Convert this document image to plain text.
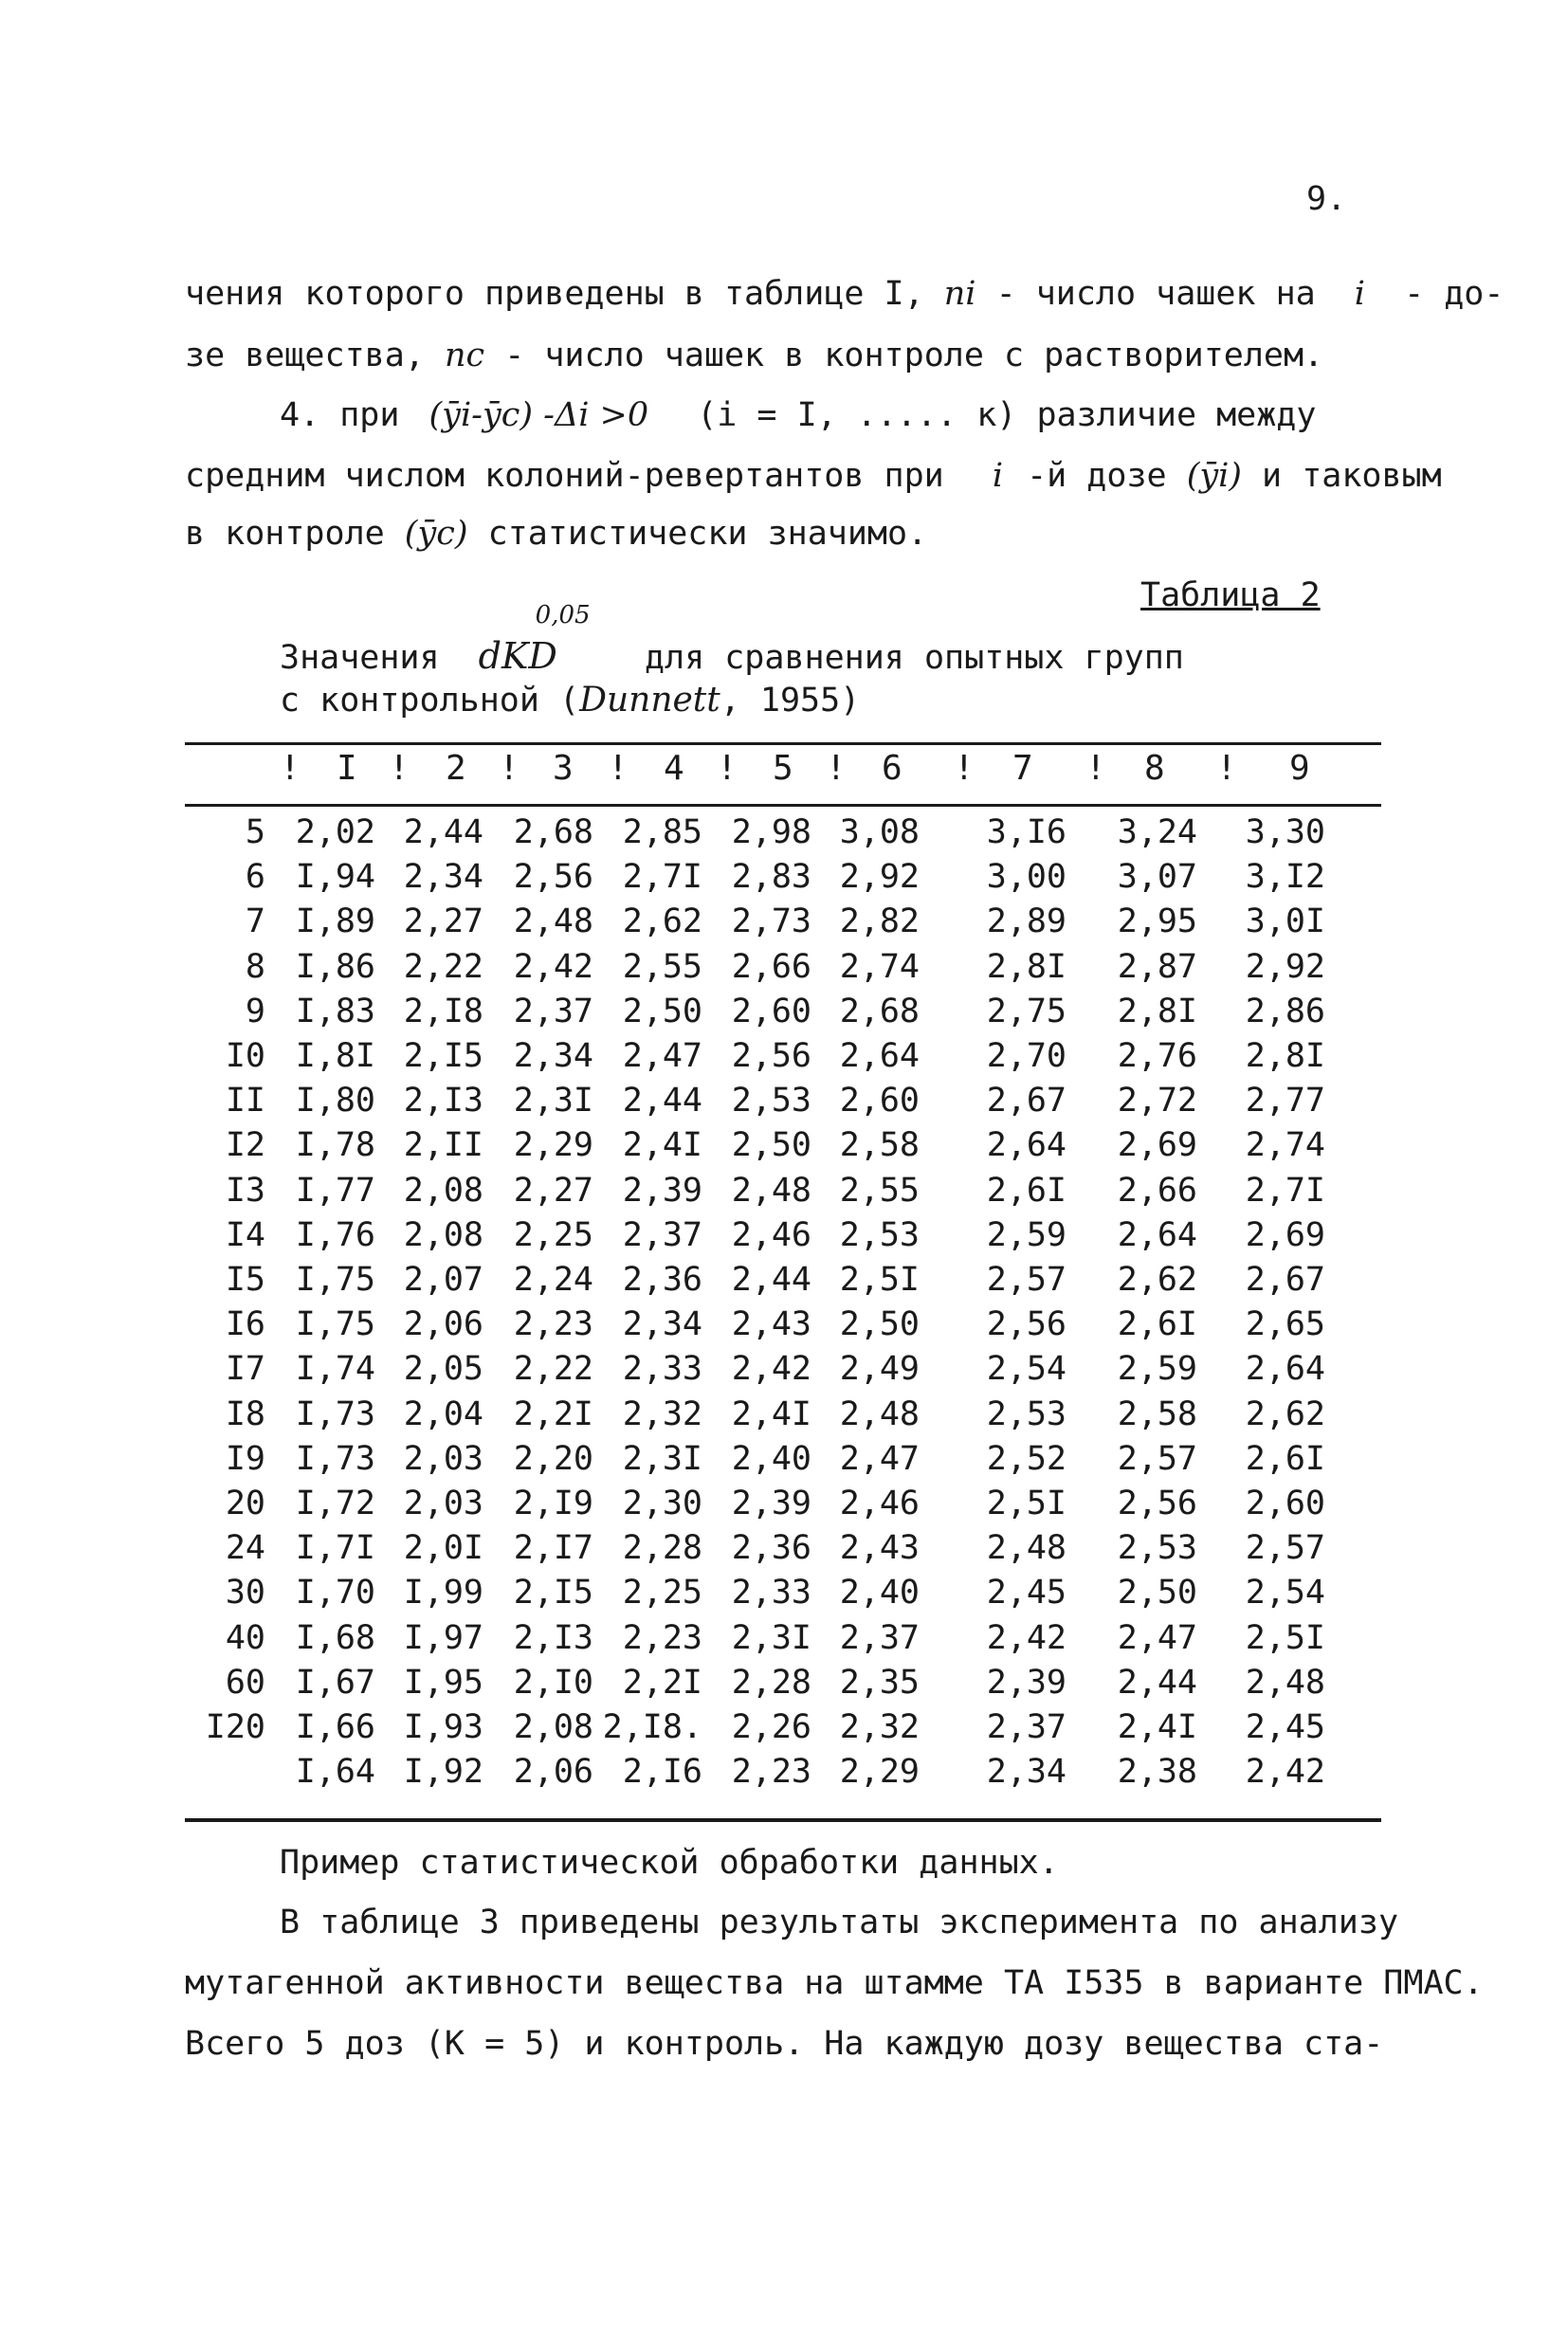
9.
чения которого приведены в таблице I, ni - число чашек на i - до-
зе вещества, nc - число чашек в контроле с растворителем.
4. при (ȳi-ȳc) -Δi >0 (i = I, ..... к) различие между
средним числом колоний-ревертантов при i -й дозе (ȳi) и таковым
в контроле (ȳc) статистически значимо.
Таблица 2
Значения dKD
0,05
для сравнения опытных групп
с контрольной (Dunnett, 1955)
! I ! 2 ! 3 ! 4 ! 5 ! 6 ! 7 ! 8 ! 9
5 2,02 2,44 2,68 2,85 2,98 3,08	3,I6	3,24	3,30
6 I,94 2,34 2,56 2,7I 2,83 2,92	3,00	3,07	3,I2
7 I,89 2,27 2,48 2,62 2,73 2,82	2,89	2,95	3,0I
8 I,86 2,22 2,42 2,55 2,66 2,74	2,8I	2,87	2,92
9 I,83 2,I8 2,37 2,50 2,60 2,68	2,75	2,8I	2,86
I0 I,8I 2,I5 2,34 2,47 2,56 2,64	2,70	2,76	2,8I
II I,80 2,I3 2,3I 2,44 2,53 2,60	2,67	2,72	2,77
I2 I,78 2,II 2,29 2,4I 2,50 2,58	2,64	2,69	2,74
I3 I,77 2,08 2,27 2,39 2,48 2,55	2,6I	2,66	2,7I
I4 I,76 2,08 2,25 2,37 2,46 2,53	2,59	2,64	2,69
I5 I,75 2,07 2,24 2,36 2,44 2,5I	2,57	2,62	2,67
I6 I,75 2,06 2,23 2,34 2,43 2,50	2,56	2,6I	2,65
I7 I,74 2,05 2,22 2,33 2,42 2,49	2,54	2,59	2,64
I8 I,73 2,04 2,2I 2,32 2,4I 2,48	2,53	2,58	2,62
I9 I,73 2,03 2,20 2,3I 2,40 2,47	2,52	2,57	2,6I
20 I,72 2,03 2,I9 2,30 2,39 2,46	2,5I	2,56	2,60
24 I,7I 2,0I 2,I7 2,28 2,36 2,43	2,48	2,53	2,57
30 I,70 I,99 2,I5 2,25 2,33 2,40	2,45	2,50	2,54
40 I,68 I,97 2,I3 2,23 2,3I 2,37	2,42	2,47	2,5I
60 I,67 I,95 2,I0 2,2I 2,28 2,35	2,39	2,44	2,48
I20 I,66 I,93 2,08 2,I8. 2,26 2,32	2,37	2,4I	2,45
I,64 I,92 2,06 2,I6 2,23 2,29	2,34	2,38	2,42
Пример статистической обработки данных.
В таблице 3 приведены результаты эксперимента по анализу
мутагенной активности вещества на штамме ТА I535 в варианте ПМАС.
Всего 5 доз (К = 5) и контроль. На каждую дозу вещества ста-
